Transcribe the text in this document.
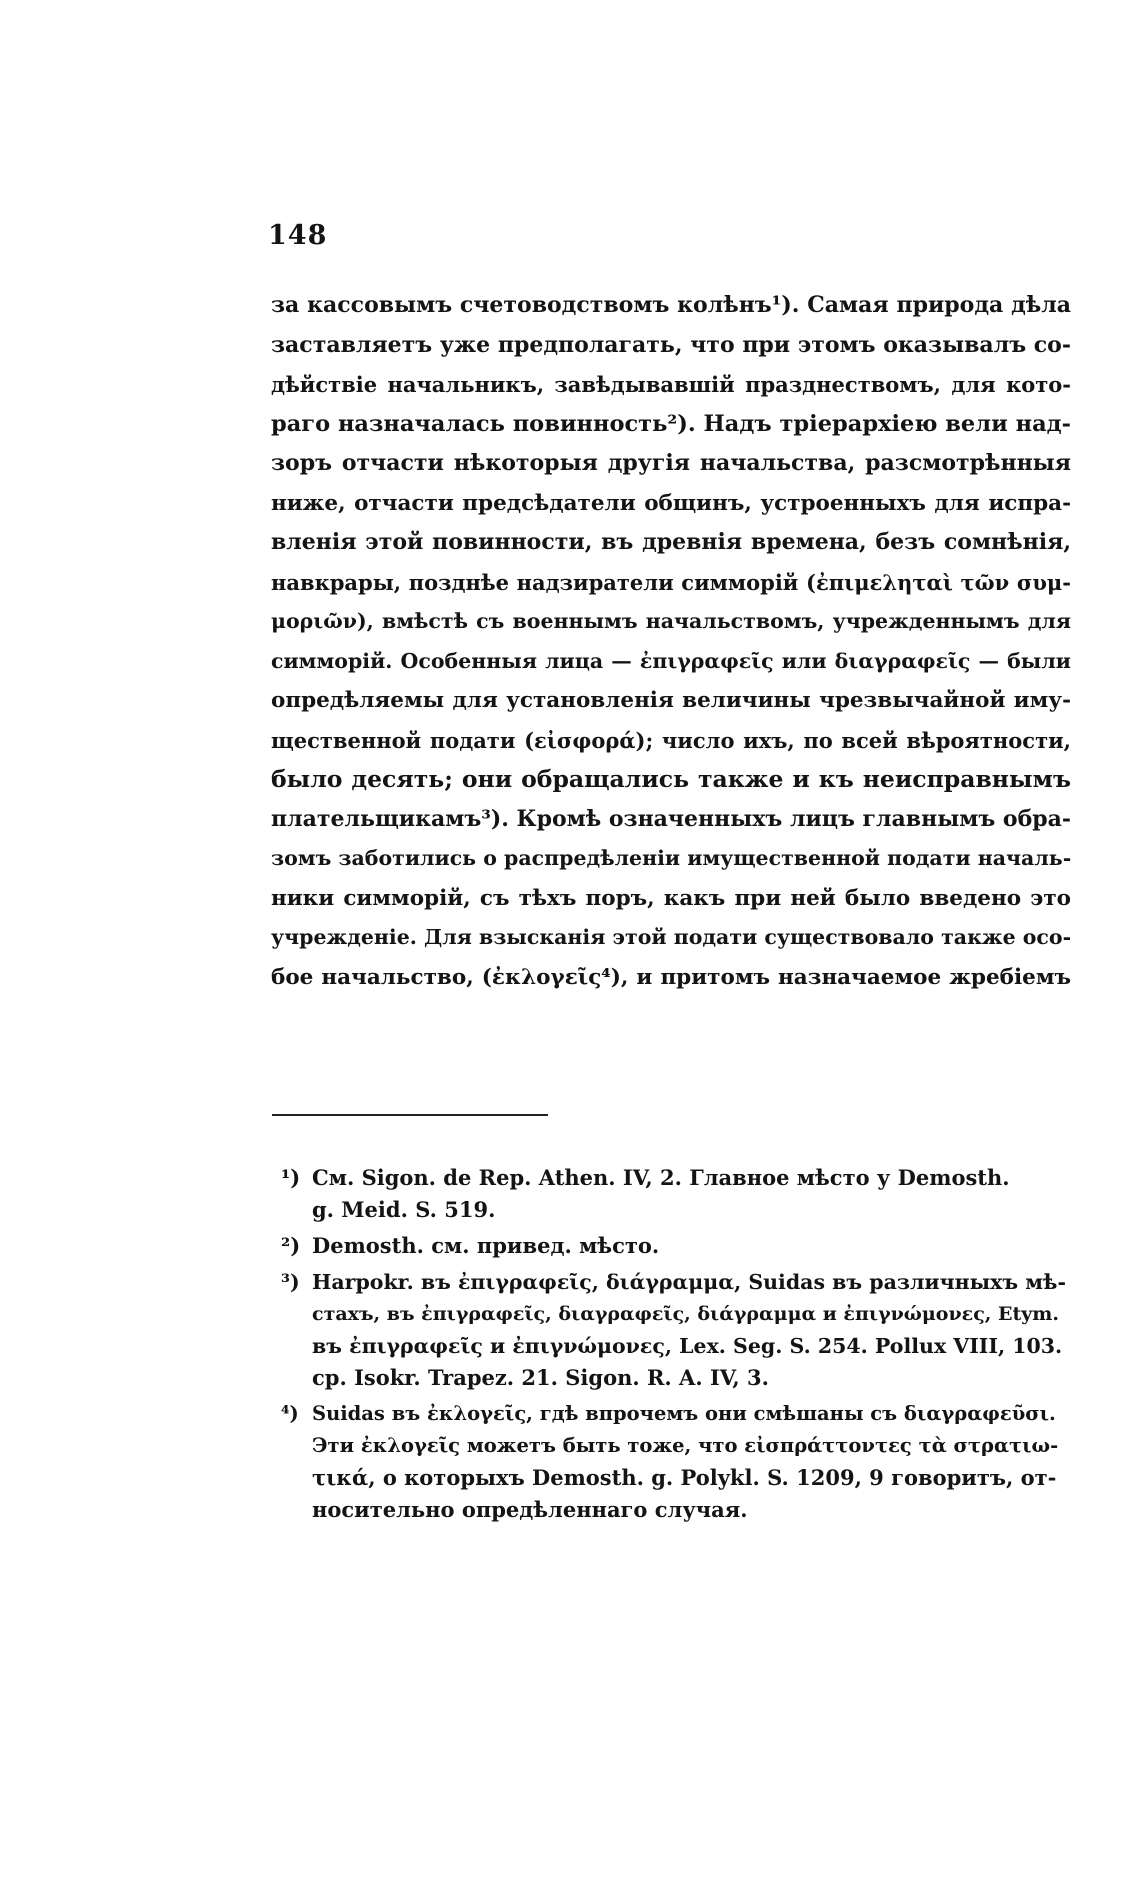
148
за кассовымъ счетоводствомъ колѣнъ¹). Самая природа дѣла
заставляетъ уже предполагать, что при этомъ оказывалъ со-
дѣйствіе начальникъ, завѣдывавшій празднествомъ, для кото-
раго назначалась повинность²). Надъ тріерархіею вели над-
зоръ отчасти нѣкоторыя другія начальства, разсмотрѣнныя
ниже, отчасти предсѣдатели общинъ, устроенныхъ для испра-
вленія этой повинности, въ древнія времена, безъ сомнѣнія,
навкрары, позднѣе надзиратели симморій (ἐπιμεληταὶ τῶν συμ-
μοριῶν), вмѣстѣ съ военнымъ начальствомъ, учрежденнымъ для
симморій. Особенныя лица — ἐπιγραφεῖς или διαγραφεῖς — были
опредѣляемы для установленія величины чрезвычайной иму-
щественной подати (εἰσφορά); число ихъ, по всей вѣроятности,
было десять; они обращались также и къ неисправнымъ
плательщикамъ³). Кромѣ означенныхъ лицъ главнымъ обра-
зомъ заботились о распредѣленіи имущественной подати началь-
ники симморій, съ тѣхъ поръ, какъ при ней было введено это
учрежденіе. Для взысканія этой подати существовало также осо-
бое начальство, (ἐκλογεῖς⁴), и притомъ назначаемое жребіемъ
¹) См. Sigon. de Rep. Athen. IV, 2. Главное мѣсто у Demosth.
g. Meid. S. 519.
²) Demosth. см. привед. мѣсто.
³) Harpokr. въ ἐπιγραφεῖς, διάγραμμα, Suidas въ различныхъ мѣ-
стахъ, въ ἐπιγραφεῖς, διαγραφεῖς, διάγραμμα и ἐπιγνώμονες, Etym.
въ ἐπιγραφεῖς и ἐπιγνώμονες, Lex. Seg. S. 254. Pollux VIII, 103.
ср. Isokr. Trapez. 21. Sigon. R. A. IV, 3.
⁴) Suidas въ ἐκλογεῖς, гдѣ впрочемъ они смѣшаны съ διαγραφεῦσι.
Эти ἐκλογεῖς можетъ быть тоже, что εἰσπράττοντες τὰ στρατιω-
τικά, о которыхъ Demosth. g. Polykl. S. 1209, 9 говоритъ, от-
носительно опредѣленнаго случая.
